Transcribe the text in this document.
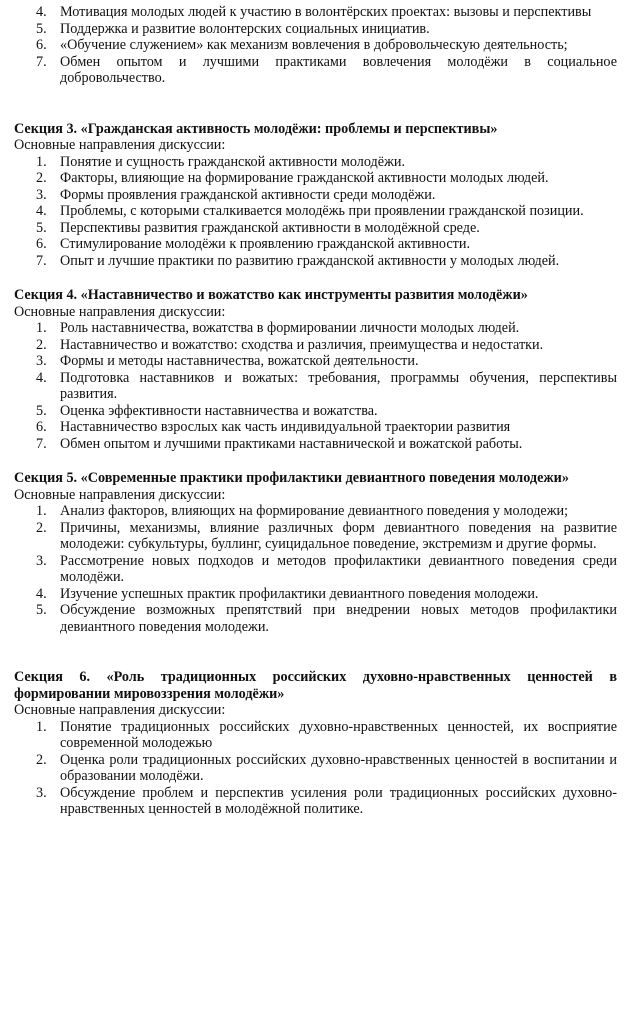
4. Мотивация молодых людей к участию в волонтёрских проектах: вызовы и перспективы
5. Поддержка и развитие волонтерских социальных инициатив.
6. «Обучение служением» как механизм вовлечения в добровольческую деятельность;
7. Обмен опытом и лучшими практиками вовлечения молодёжи в социальное добровольчество.
Секция 3. «Гражданская активность молодёжи: проблемы и перспективы»
Основные направления дискуссии:
1. Понятие и сущность гражданской активности молодёжи.
2. Факторы, влияющие на формирование гражданской активности молодых людей.
3. Формы проявления гражданской активности среди молодёжи.
4. Проблемы, с которыми сталкивается молодёжь при проявлении гражданской позиции.
5. Перспективы развития гражданской активности в молодёжной среде.
6. Стимулирование молодёжи к проявлению гражданской активности.
7. Опыт и лучшие практики по развитию гражданской активности у молодых людей.
Секция 4. «Наставничество и вожатство как инструменты развития молодёжи»
Основные направления дискуссии:
1. Роль наставничества, вожатства в формировании личности молодых людей.
2. Наставничество и вожатство: сходства и различия, преимущества и недостатки.
3. Формы и методы наставничества, вожатской деятельности.
4. Подготовка наставников и вожатых: требования, программы обучения, перспективы развития.
5. Оценка эффективности наставничества и вожатства.
6. Наставничество взрослых как часть индивидуальной траектории развития
7. Обмен опытом и лучшими практиками наставнической и вожатской работы.
Секция 5. «Современные практики профилактики девиантного поведения молодежи»
Основные направления дискуссии:
1. Анализ факторов, влияющих на формирование девиантного поведения у молодежи;
2. Причины, механизмы, влияние различных форм девиантного поведения на развитие молодежи: субкультуры, буллинг, суицидальное поведение, экстремизм и другие формы.
3. Рассмотрение новых подходов и методов профилактики девиантного поведения среди молодёжи.
4. Изучение успешных практик профилактики девиантного поведения молодежи.
5. Обсуждение возможных препятствий при внедрении новых методов профилактики девиантного поведения молодежи.
Секция 6. «Роль традиционных российских духовно-нравственных ценностей в формировании мировоззрения молодёжи»
Основные направления дискуссии:
1. Понятие традиционных российских духовно-нравственных ценностей, их восприятие современной молодежью
2. Оценка роли традиционных российских духовно-нравственных ценностей в воспитании и образовании молодёжи.
3. Обсуждение проблем и перспектив усиления роли традиционных российских духовно-нравственных ценностей в молодёжной политике.
